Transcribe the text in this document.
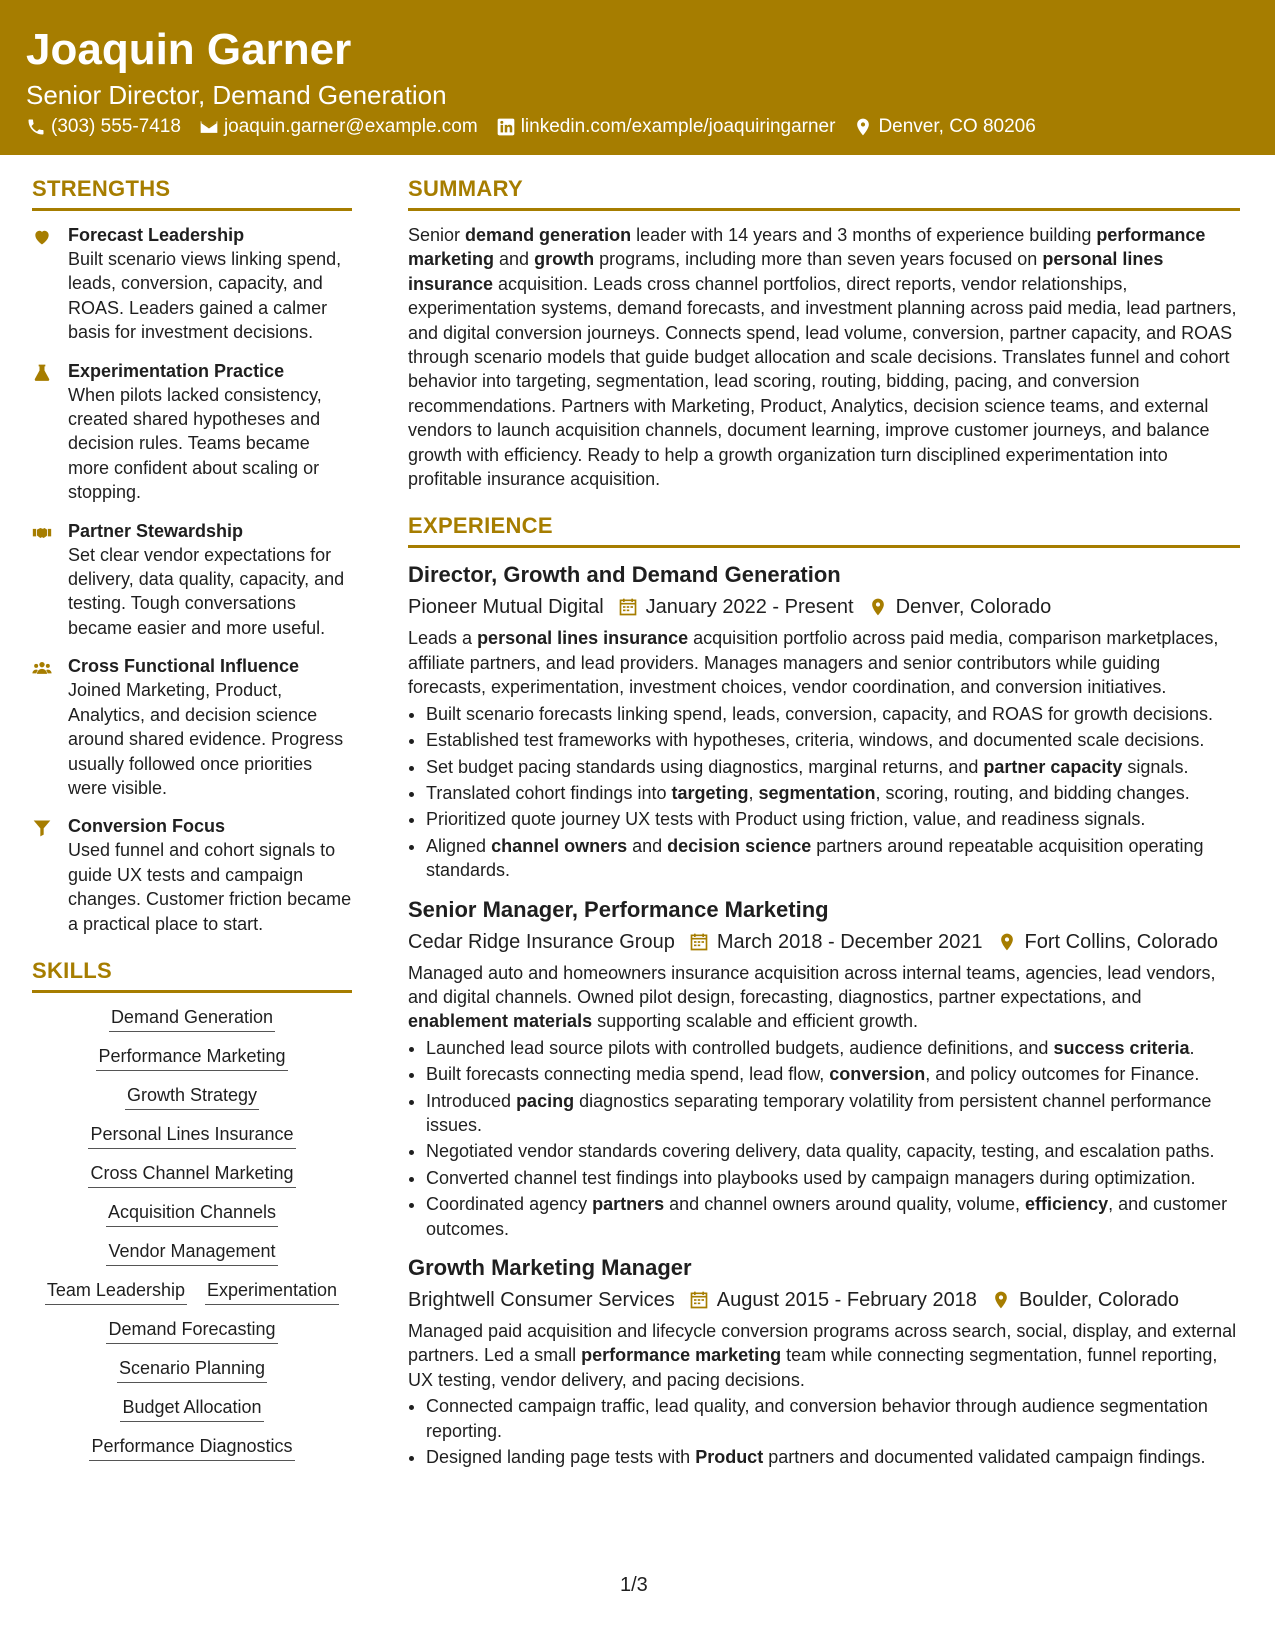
Joaquin Garner
Senior Director, Demand Generation
(303) 555-7418 joaquin.garner@example.com linkedin.com/example/joaquiringarner Denver, CO 80206
STRENGTHS
Forecast Leadership
Built scenario views linking spend, leads, conversion, capacity, and ROAS. Leaders gained a calmer basis for investment decisions.
Experimentation Practice
When pilots lacked consistency, created shared hypotheses and decision rules. Teams became more confident about scaling or stopping.
Partner Stewardship
Set clear vendor expectations for delivery, data quality, capacity, and testing. Tough conversations became easier and more useful.
Cross Functional Influence
Joined Marketing, Product, Analytics, and decision science around shared evidence. Progress usually followed once priorities were visible.
Conversion Focus
Used funnel and cohort signals to guide UX tests and campaign changes. Customer friction became a practical place to start.
SKILLS
Demand Generation
Performance Marketing
Growth Strategy
Personal Lines Insurance
Cross Channel Marketing
Acquisition Channels
Vendor Management
Team Leadership Experimentation
Demand Forecasting
Scenario Planning
Budget Allocation
Performance Diagnostics
SUMMARY
Senior demand generation leader with 14 years and 3 months of experience building performance marketing and growth programs, including more than seven years focused on personal lines insurance acquisition. Leads cross channel portfolios, direct reports, vendor relationships, experimentation systems, demand forecasts, and investment planning across paid media, lead partners, and digital conversion journeys. Connects spend, lead volume, conversion, partner capacity, and ROAS through scenario models that guide budget allocation and scale decisions. Translates funnel and cohort behavior into targeting, segmentation, lead scoring, routing, bidding, pacing, and conversion recommendations. Partners with Marketing, Product, Analytics, decision science teams, and external vendors to launch acquisition channels, document learning, improve customer journeys, and balance growth with efficiency. Ready to help a growth organization turn disciplined experimentation into profitable insurance acquisition.
EXPERIENCE
Director, Growth and Demand Generation
Pioneer Mutual Digital January 2022 - Present Denver, Colorado
Leads a personal lines insurance acquisition portfolio across paid media, comparison marketplaces, affiliate partners, and lead providers. Manages managers and senior contributors while guiding forecasts, experimentation, investment choices, vendor coordination, and conversion initiatives.
• Built scenario forecasts linking spend, leads, conversion, capacity, and ROAS for growth decisions.
• Established test frameworks with hypotheses, criteria, windows, and documented scale decisions.
• Set budget pacing standards using diagnostics, marginal returns, and partner capacity signals.
• Translated cohort findings into targeting, segmentation, scoring, routing, and bidding changes.
• Prioritized quote journey UX tests with Product using friction, value, and readiness signals.
• Aligned channel owners and decision science partners around repeatable acquisition operating standards.
Senior Manager, Performance Marketing
Cedar Ridge Insurance Group March 2018 - December 2021 Fort Collins, Colorado
Managed auto and homeowners insurance acquisition across internal teams, agencies, lead vendors, and digital channels. Owned pilot design, forecasting, diagnostics, partner expectations, and enablement materials supporting scalable and efficient growth.
• Launched lead source pilots with controlled budgets, audience definitions, and success criteria.
• Built forecasts connecting media spend, lead flow, conversion, and policy outcomes for Finance.
• Introduced pacing diagnostics separating temporary volatility from persistent channel performance issues.
• Negotiated vendor standards covering delivery, data quality, capacity, testing, and escalation paths.
• Converted channel test findings into playbooks used by campaign managers during optimization.
• Coordinated agency partners and channel owners around quality, volume, efficiency, and customer outcomes.
Growth Marketing Manager
Brightwell Consumer Services August 2015 - February 2018 Boulder, Colorado
Managed paid acquisition and lifecycle conversion programs across search, social, display, and external partners. Led a small performance marketing team while connecting segmentation, funnel reporting, UX testing, vendor delivery, and pacing decisions.
• Connected campaign traffic, lead quality, and conversion behavior through audience segmentation reporting.
• Designed landing page tests with Product partners and documented validated campaign findings.
1/3
